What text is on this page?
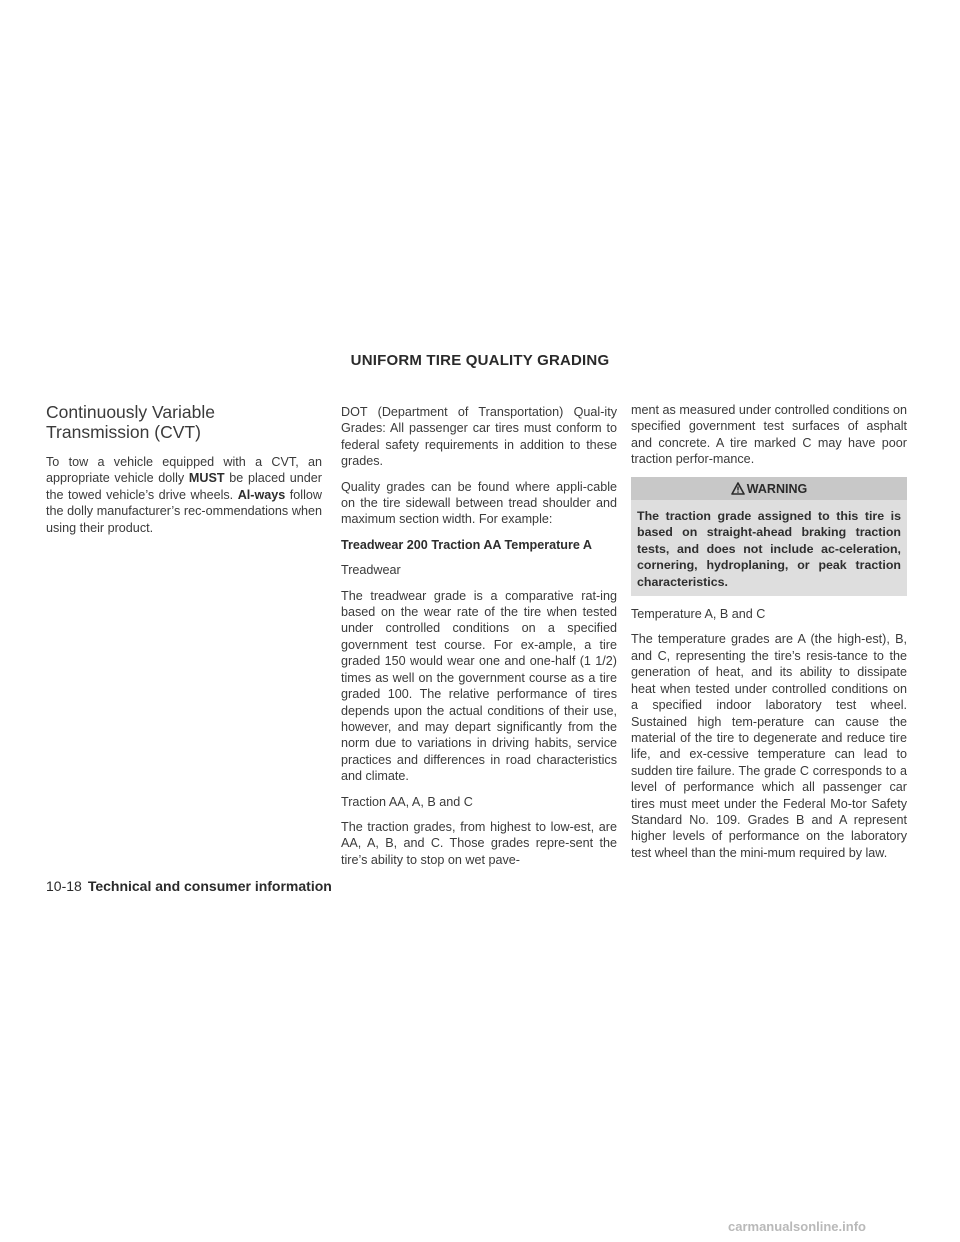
UNIFORM TIRE QUALITY GRADING
Continuously Variable Transmission (CVT)

To tow a vehicle equipped with a CVT, an appropriate vehicle dolly MUST be placed under the towed vehicle’s drive wheels. Al-ways follow the dolly manufacturer’s rec-ommendations when using their product.

DOT (Department of Transportation) Qual-ity Grades: All passenger car tires must conform to federal safety requirements in addition to these grades.

Quality grades can be found where appli-cable on the tire sidewall between tread shoulder and maximum section width. For example:

Treadwear 200 Traction AA Temperature A

Treadwear

The treadwear grade is a comparative rat-ing based on the wear rate of the tire when tested under controlled conditions on a specified government test course. For ex-ample, a tire graded 150 would wear one and one-half (1 1/2) times as well on the government course as a tire graded 100. The relative performance of tires depends upon the actual conditions of their use, however, and may depart significantly from the norm due to variations in driving habits, service practices and differences in road characteristics and climate.

Traction AA, A, B and C

The traction grades, from highest to low-est, are AA, A, B, and C. Those grades repre-sent the tire’s ability to stop on wet pave-

ment as measured under controlled conditions on specified government test surfaces of asphalt and concrete. A tire marked C may have poor traction perfor-mance.

WARNING
The traction grade assigned to this tire is based on straight-ahead braking traction tests, and does not include ac-celeration, cornering, hydroplaning, or peak traction characteristics.

Temperature A, B and C

The temperature grades are A (the high-est), B, and C, representing the tire’s resis-tance to the generation of heat, and its ability to dissipate heat when tested under controlled conditions on a specified indoor laboratory test wheel. Sustained high tem-perature can cause the material of the tire to degenerate and reduce tire life, and ex-cessive temperature can lead to sudden tire failure. The grade C corresponds to a level of performance which all passenger car tires must meet under the Federal Mo-tor Safety Standard No. 109. Grades B and A represent higher levels of performance on the laboratory test wheel than the mini-mum required by law.

10-18 Technical and consumer information
carmanualsonline.info
